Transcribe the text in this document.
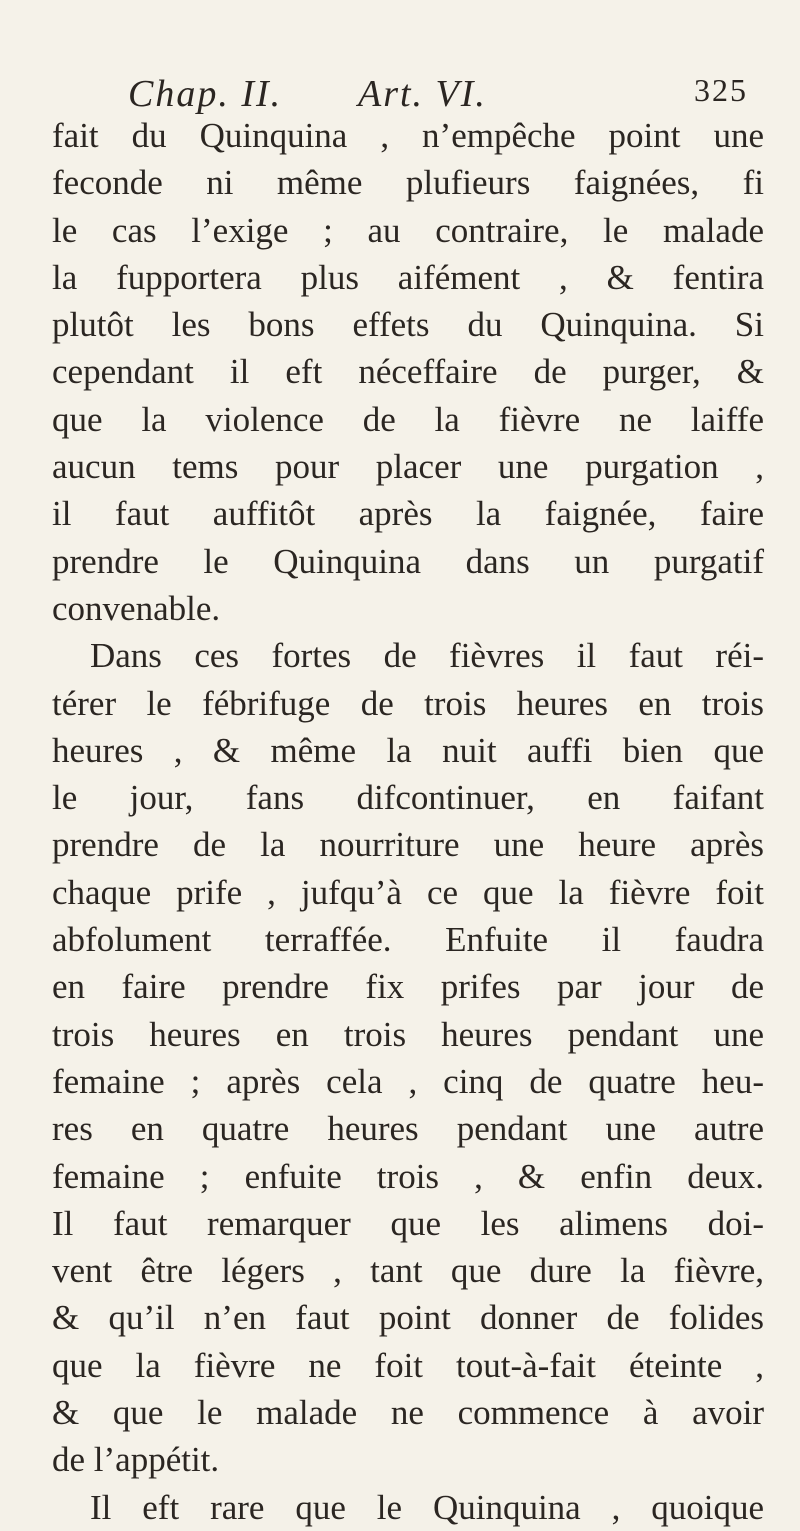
Chap. II. Art. VI.	325
fait du Quinquina , n’empêche point une
feconde ni même plufieurs faignées, fi
le cas l’exige ; au contraire, le malade
la fupportera plus aifément , & fentira
plutôt les bons effets du Quinquina. Si
cependant il eft néceffaire de purger, &
que la violence de la fièvre ne laiffe
aucun tems pour placer une purgation ,
il faut auffitôt après la faignée, faire
prendre le Quinquina dans un purgatif
convenable.
Dans ces fortes de fièvres il faut réi-
térer le fébrifuge de trois heures en trois
heures , & même la nuit auffi bien que
le jour, fans difcontinuer, en faifant
prendre de la nourriture une heure après
chaque prife , jufqu’à ce que la fièvre foit
abfolument terraffée. Enfuite il faudra
en faire prendre fix prifes par jour de
trois heures en trois heures pendant une
femaine ; après cela , cinq de quatre heu-
res en quatre heures pendant une autre
femaine ; enfuite trois , & enfin deux.
Il faut remarquer que les alimens doi-
vent être légers , tant que dure la fièvre,
& qu’il n’en faut point donner de folides
que la fièvre ne foit tout-à-fait éteinte ,
& que le malade ne commence à avoir
de l’appétit.
Il eft rare que le Quinquina , quoique
